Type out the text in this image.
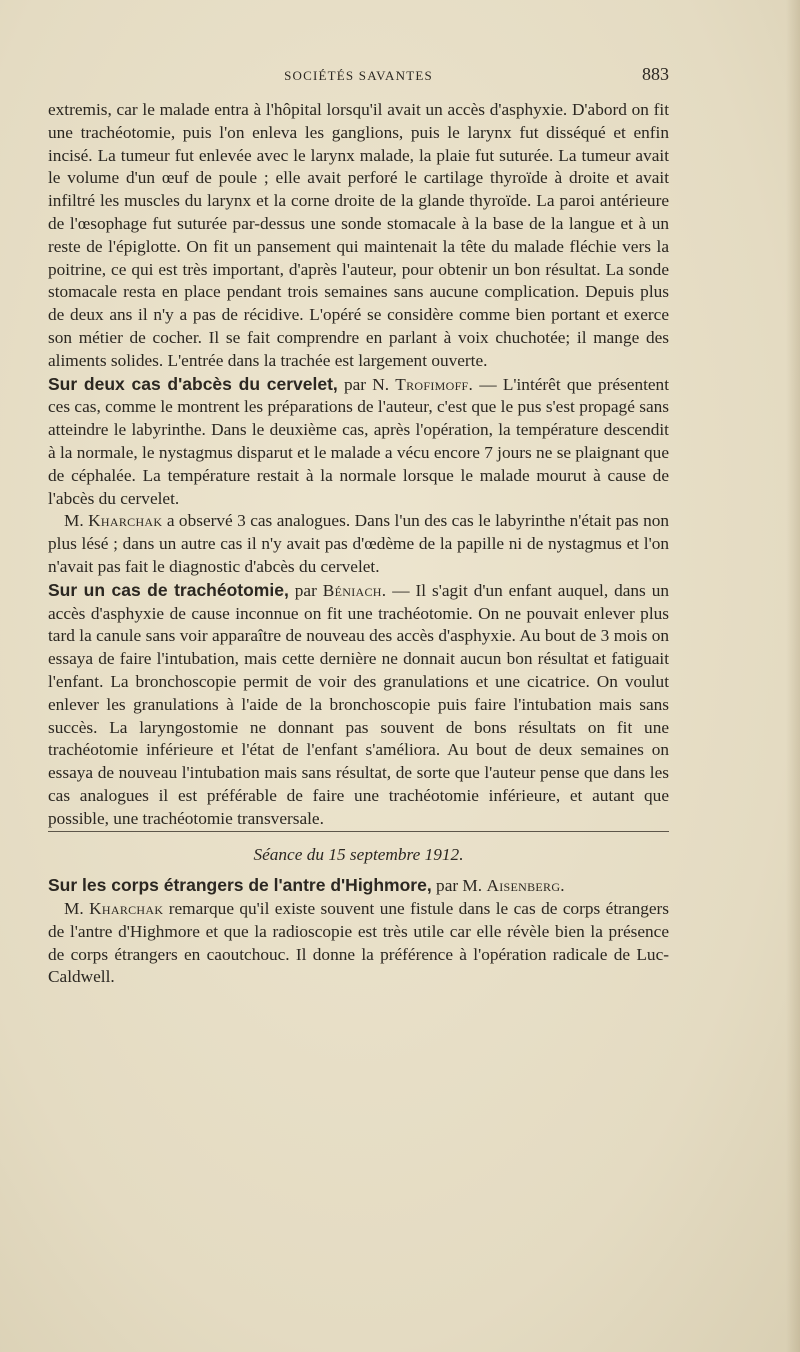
SOCIÉTÉS SAVANTES	883

extremis, car le malade entra à l'hôpital lorsqu'il avait un accès d'asphyxie. D'abord on fit une trachéotomie, puis l'on enleva les ganglions, puis le larynx fut disséqué et enfin incisé. La tumeur fut enlevée avec le larynx malade, la plaie fut suturée. La tumeur avait le volume d'un œuf de poule ; elle avait perforé le cartilage thyroïde à droite et avait infiltré les muscles du larynx et la corne droite de la glande thyroïde. La paroi antérieure de l'œsophage fut suturée par-dessus une sonde stomacale à la base de la langue et à un reste de l'épiglotte. On fit un pansement qui maintenait la tête du malade fléchie vers la poitrine, ce qui est très important, d'après l'auteur, pour obtenir un bon résultat. La sonde stomacale resta en place pendant trois semaines sans aucune complication. Depuis plus de deux ans il n'y a pas de récidive. L'opéré se considère comme bien portant et exerce son métier de cocher. Il se fait comprendre en parlant à voix chuchotée; il mange des aliments solides. L'entrée dans la trachée est largement ouverte.

Sur deux cas d'abcès du cervelet, par N. Trofimoff. — L'intérêt que présentent ces cas, comme le montrent les préparations de l'auteur, c'est que le pus s'est propagé sans atteindre le labyrinthe. Dans le deuxième cas, après l'opération, la température descendit à la normale, le nystagmus disparut et le malade a vécu encore 7 jours ne se plaignant que de céphalée. La température restait à la normale lorsque le malade mourut à cause de l'abcès du cervelet.

M. Kharchak a observé 3 cas analogues. Dans l'un des cas le labyrinthe n'était pas non plus lésé ; dans un autre cas il n'y avait pas d'œdème de la papille ni de nystagmus et l'on n'avait pas fait le diagnostic d'abcès du cervelet.

Sur un cas de trachéotomie, par Béniach. — Il s'agit d'un enfant auquel, dans un accès d'asphyxie de cause inconnue on fit une trachéotomie. On ne pouvait enlever plus tard la canule sans voir apparaître de nouveau des accès d'asphyxie. Au bout de 3 mois on essaya de faire l'intubation, mais cette dernière ne donnait aucun bon résultat et fatiguait l'enfant. La bronchoscopie permit de voir des granulations et une cicatrice. On voulut enlever les granulations à l'aide de la bronchoscopie puis faire l'intubation mais sans succès. La laryngostomie ne donnant pas souvent de bons résultats on fit une trachéotomie inférieure et l'état de l'enfant s'améliora. Au bout de deux semaines on essaya de nouveau l'intubation mais sans résultat, de sorte que l'auteur pense que dans les cas analogues il est préférable de faire une trachéotomie inférieure, et autant que possible, une trachéotomie transversale.

Séance du 15 septembre 1912.

Sur les corps étrangers de l'antre d'Highmore, par M. Aisenberg.

M. Kharchak remarque qu'il existe souvent une fistule dans le cas de corps étrangers de l'antre d'Highmore et que la radioscopie est très utile car elle révèle bien la présence de corps étrangers en caoutchouc. Il donne la préférence à l'opération radicale de Luc-Caldwell.
